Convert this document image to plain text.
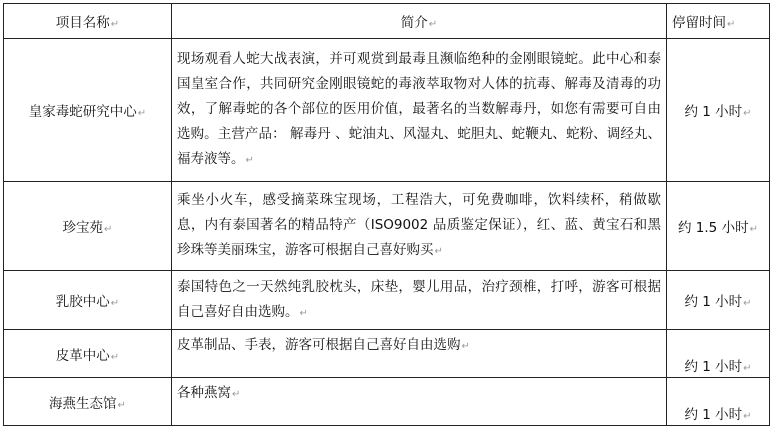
项目名称↵	简介↵	停留时间↵
皇家毒蛇研究中心↵	现场观看人蛇大战表演，并可观赏到最毒且濒临绝种的金刚眼镜蛇。此中心和泰国皇室合作，共同研究金刚眼镜蛇的毒液萃取物对人体的抗毒、解毒及清毒的功效，了解毒蛇的各个部位的医用价值，最著名的当数解毒丹，如您有需要可自由选购。主营产品： 解毒丹 、蛇油丸、风湿丸、蛇胆丸、蛇鞭丸、蛇粉、调经丸、福寿液等。↵	约 1 小时↵
珍宝苑↵	乘坐小火车，感受摘菜珠宝现场，工程浩大，可免费咖啡，饮料续杯，稍做歇息，内有泰国著名的精品特产（ISO9002 品质鉴定保证），红、蓝、黄宝石和黑珍珠等美丽珠宝，游客可根据自己喜好购买↵	约 1.5 小时↵
乳胶中心↵	泰国特色之一天然纯乳胶枕头，床垫，婴儿用品，治疗颈椎，打呼，游客可根据自己喜好自由选购。↵	约 1 小时↵
皮革中心↵	皮革制品、手表，游客可根据自己喜好自由选购↵	约 1 小时↵
海燕生态馆↵	各种燕窝↵	约 1 小时↵
